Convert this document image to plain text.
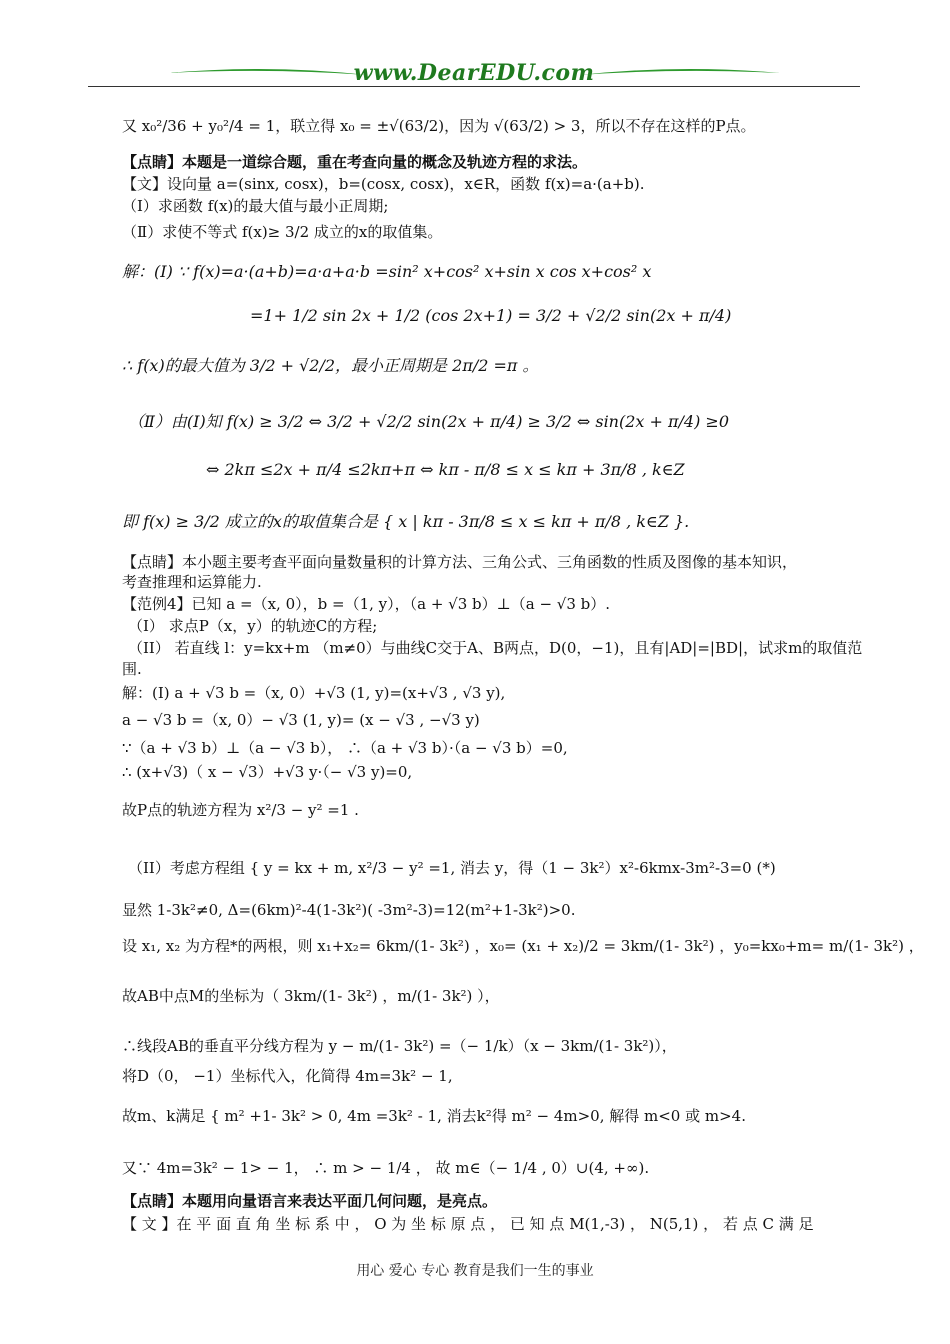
www.DearEDU.com
又 x₀²/36 + y₀²/4 = 1，联立得 x₀ = ±√(63/2)，因为 √(63/2) > 3，所以不存在这样的P点。
【点睛】本题是一道综合题，重在考查向量的概念及轨迹方程的求法。
【文】设向量 a=(sinx, cosx)，b=(cosx, cosx)，x∈R，函数 f(x)=a·(a+b).
（Ⅰ）求函数 f(x)的最大值与最小正周期;
（Ⅱ）求使不等式 f(x)≥ 3/2 成立的x的取值集。
解：(Ⅰ) ∵ f(x)=a·(a+b)=a·a+a·b =sin² x+cos² x+sin x cos x+cos² x
=1+ 1/2 sin 2x + 1/2 (cos 2x+1) = 3/2 + √2/2 sin(2x + π/4)
∴ f(x)的最大值为 3/2 + √2/2，最小正周期是 2π/2 =π 。
（Ⅱ）由(Ⅰ)知 f(x) ≥ 3/2 ⇔ 3/2 + √2/2 sin(2x + π/4) ≥ 3/2 ⇔ sin(2x + π/4) ≥0
⇔ 2kπ ≤2x + π/4 ≤2kπ+π ⇔ kπ - π/8 ≤ x ≤ kπ + 3π/8 , k∈Z
即 f(x) ≥ 3/2 成立的x的取值集合是 { x | kπ - 3π/8 ≤ x ≤ kπ + π/8 , k∈Z }.
【点睛】本小题主要考查平面向量数量积的计算方法、三角公式、三角函数的性质及图像的基本知识，
考查推理和运算能力.
【范例4】已知 a =（x, 0），b =（1, y），（a + √3 b）⊥（a − √3 b）.
（I） 求点P（x，y）的轨迹C的方程;
（II） 若直线 l：y=kx+m （m≠0）与曲线C交于A、B两点，D(0，−1)，且有|AD|=|BD|，试求m的取值范
围.
解：(I) a + √3 b =（x, 0）+√3 (1, y)=(x+√3 , √3 y),
a − √3 b =（x, 0）− √3 (1, y)= (x − √3 , −√3 y)
∵（a + √3 b）⊥（a − √3 b）， ∴（a + √3 b）·（a − √3 b）=0,
∴ (x+√3)（ x − √3）+√3 y·（− √3 y)=0,
故P点的轨迹方程为 x²/3 − y² =1 .
（II）考虑方程组 { y = kx + m, x²/3 − y² =1, 消去 y，得（1 − 3k²）x²-6kmx-3m²-3=0 (*)
显然 1-3k²≠0, Δ=(6km)²-4(1-3k²)( -3m²-3)=12(m²+1-3k²)>0.
设 x₁, x₂ 为方程*的两根，则 x₁+x₂= 6km/(1- 3k²) ，x₀= (x₁ + x₂)/2 = 3km/(1- 3k²) ，y₀=kx₀+m= m/(1- 3k²) ，
故AB中点M的坐标为（ 3km/(1- 3k²) ，m/(1- 3k²) ），
∴线段AB的垂直平分线方程为 y − m/(1- 3k²) =（− 1/k）（x − 3km/(1- 3k²)），
将D（0， −1）坐标代入，化简得 4m=3k² − 1,
故m、k满足 { m² +1- 3k² > 0, 4m =3k² - 1, 消去k²得 m² − 4m>0, 解得 m<0 或 m>4.
又∵ 4m=3k² − 1> − 1， ∴ m > − 1/4 ， 故 m∈（− 1/4 , 0）∪(4, +∞).
【点睛】本题用向量语言来表达平面几何问题，是亮点。
【 文 】在 平 面 直 角 坐 标 系 中 ， O 为 坐 标 原 点 ， 已 知 点 M(1,-3) ， N(5,1) ， 若 点 C 满 足
用心 爱心 专心 教育是我们一生的事业
